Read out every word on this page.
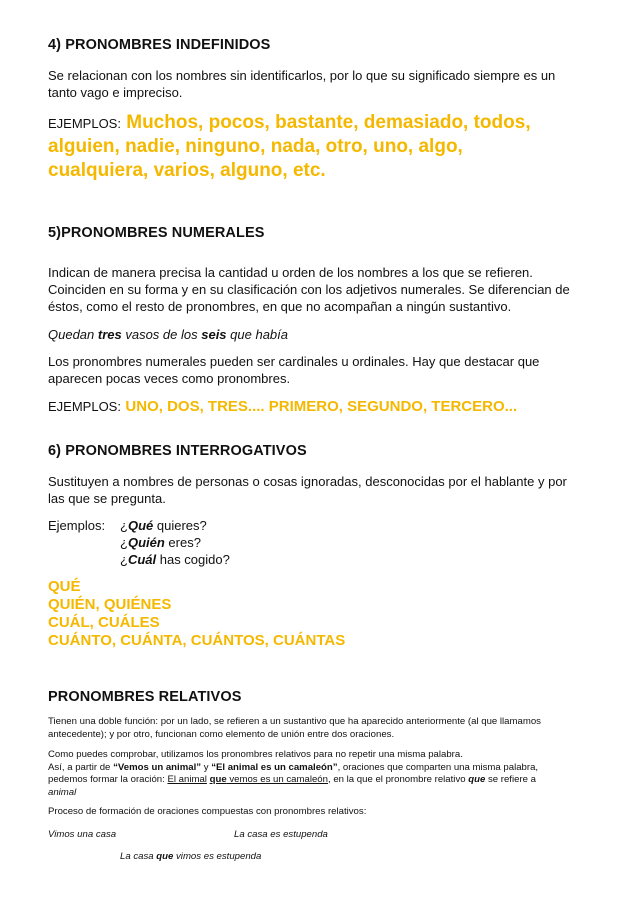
4) PRONOMBRES INDEFINIDOS
Se relacionan con los nombres sin identificarlos, por lo que su significado siempre es un
tanto vago e impreciso.
EJEMPLOS: Muchos, pocos, bastante, demasiado, todos,
alguien, nadie, ninguno, nada, otro, uno, algo,
cualquiera, varios, alguno, etc.
5)PRONOMBRES NUMERALES
Indican de manera precisa la cantidad u orden de los nombres a los que se refieren.
Coinciden en su forma y en su clasificación con los adjetivos numerales. Se diferencian de
éstos, como el resto de pronombres, en que no acompañan a ningún sustantivo.
Quedan tres vasos de los seis que había
Los pronombres numerales pueden ser cardinales u ordinales. Hay que destacar que
aparecen pocas veces como pronombres.
EJEMPLOS: UNO, DOS, TRES.... PRIMERO, SEGUNDO, TERCERO...
6) PRONOMBRES INTERROGATIVOS
Sustituyen a nombres de personas o cosas ignoradas, desconocidas por el hablante y por
las que se pregunta.
Ejemplos: ¿Qué quieres?
¿Quién eres?
¿Cuál has cogido?
QUÉ
QUIÉN, QUIÉNES
CUÁL, CUÁLES
CUÁNTO, CUÁNTA, CUÁNTOS, CUÁNTAS
PRONOMBRES RELATIVOS
Tienen una doble función: por un lado, se refieren a un sustantivo que ha aparecido anteriormente (al que llamamos
antecedente); y por otro, funcionan como elemento de unión entre dos oraciones.
Como puedes comprobar, utilizamos los pronombres relativos para no repetir una misma palabra.
Así, a partir de “Vemos un animal” y “El animal es un camaleón”, oraciones que comparten una misma palabra,
pedemos formar la oración: El animal que vemos es un camaleón, en la que el pronombre relativo que se refiere a
animal
Proceso de formación de oraciones compuestas con pronombres relativos:
Vimos una casa	La casa es estupenda
La casa que vimos es estupenda
